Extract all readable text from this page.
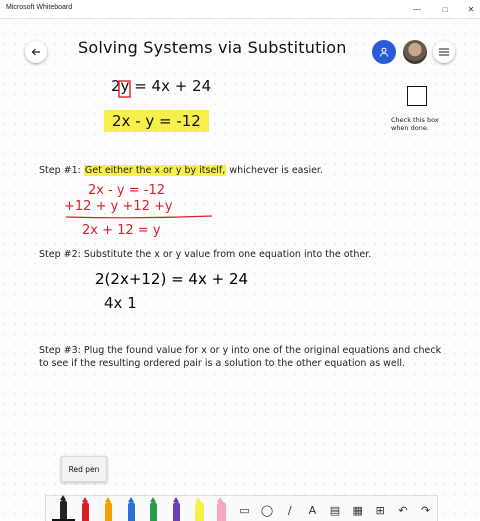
Microsoft Whiteboard	—	□	✕
Solving Systems via Substitution
2y = 4x + 24
2x - y = -12	Check this box when done.
Step #1: Get either the x or y by itself, whichever is easier.
2x - y = -12
+12 + y +12 +y
2x + 12 = y
Step #2: Substitute the x or y value from one equation into the other.
2(2x+12) = 4x + 24
4x 1
Step #3: Plug the found value for x or y into one of the original equations and check
to see if the resulting ordered pair is a solution to the other equation as well.
Red pen
▭ ◯ ∕ A ▤ ▦ ⊞ ↶ ↷
